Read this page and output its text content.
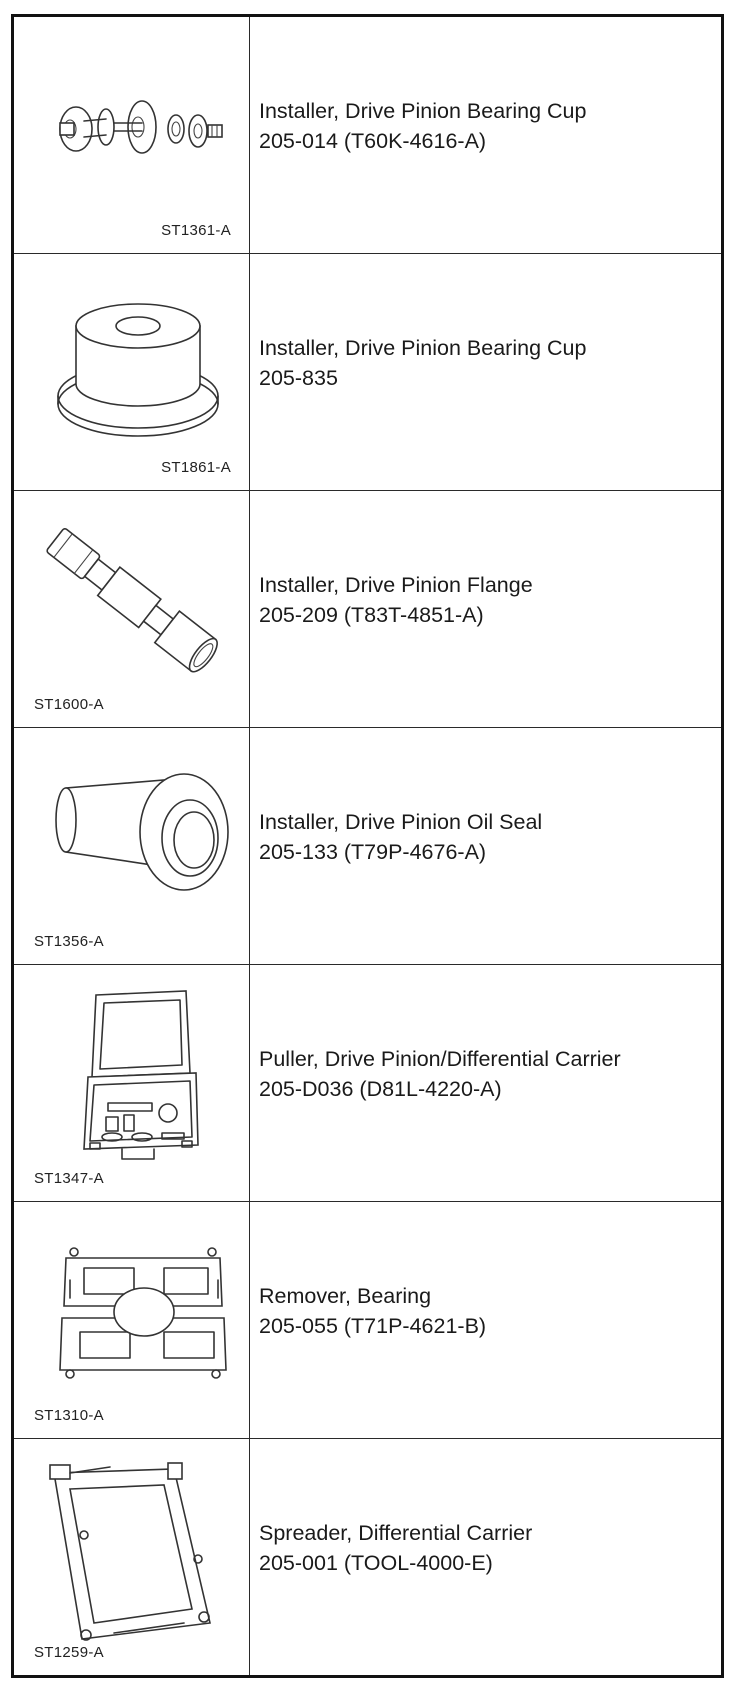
ST1361-A
Installer, Drive Pinion Bearing Cup
205-014 (T60K-4616-A)
ST1861-A
Installer, Drive Pinion Bearing Cup
205-835
ST1600-A
Installer, Drive Pinion Flange
205-209 (T83T-4851-A)
ST1356-A
Installer, Drive Pinion Oil Seal
205-133 (T79P-4676-A)
ST1347-A
Puller, Drive Pinion/Differential Carrier
205-D036 (D81L-4220-A)
ST1310-A
Remover, Bearing
205-055 (T71P-4621-B)
ST1259-A
Spreader, Differential Carrier
205-001 (TOOL-4000-E)
